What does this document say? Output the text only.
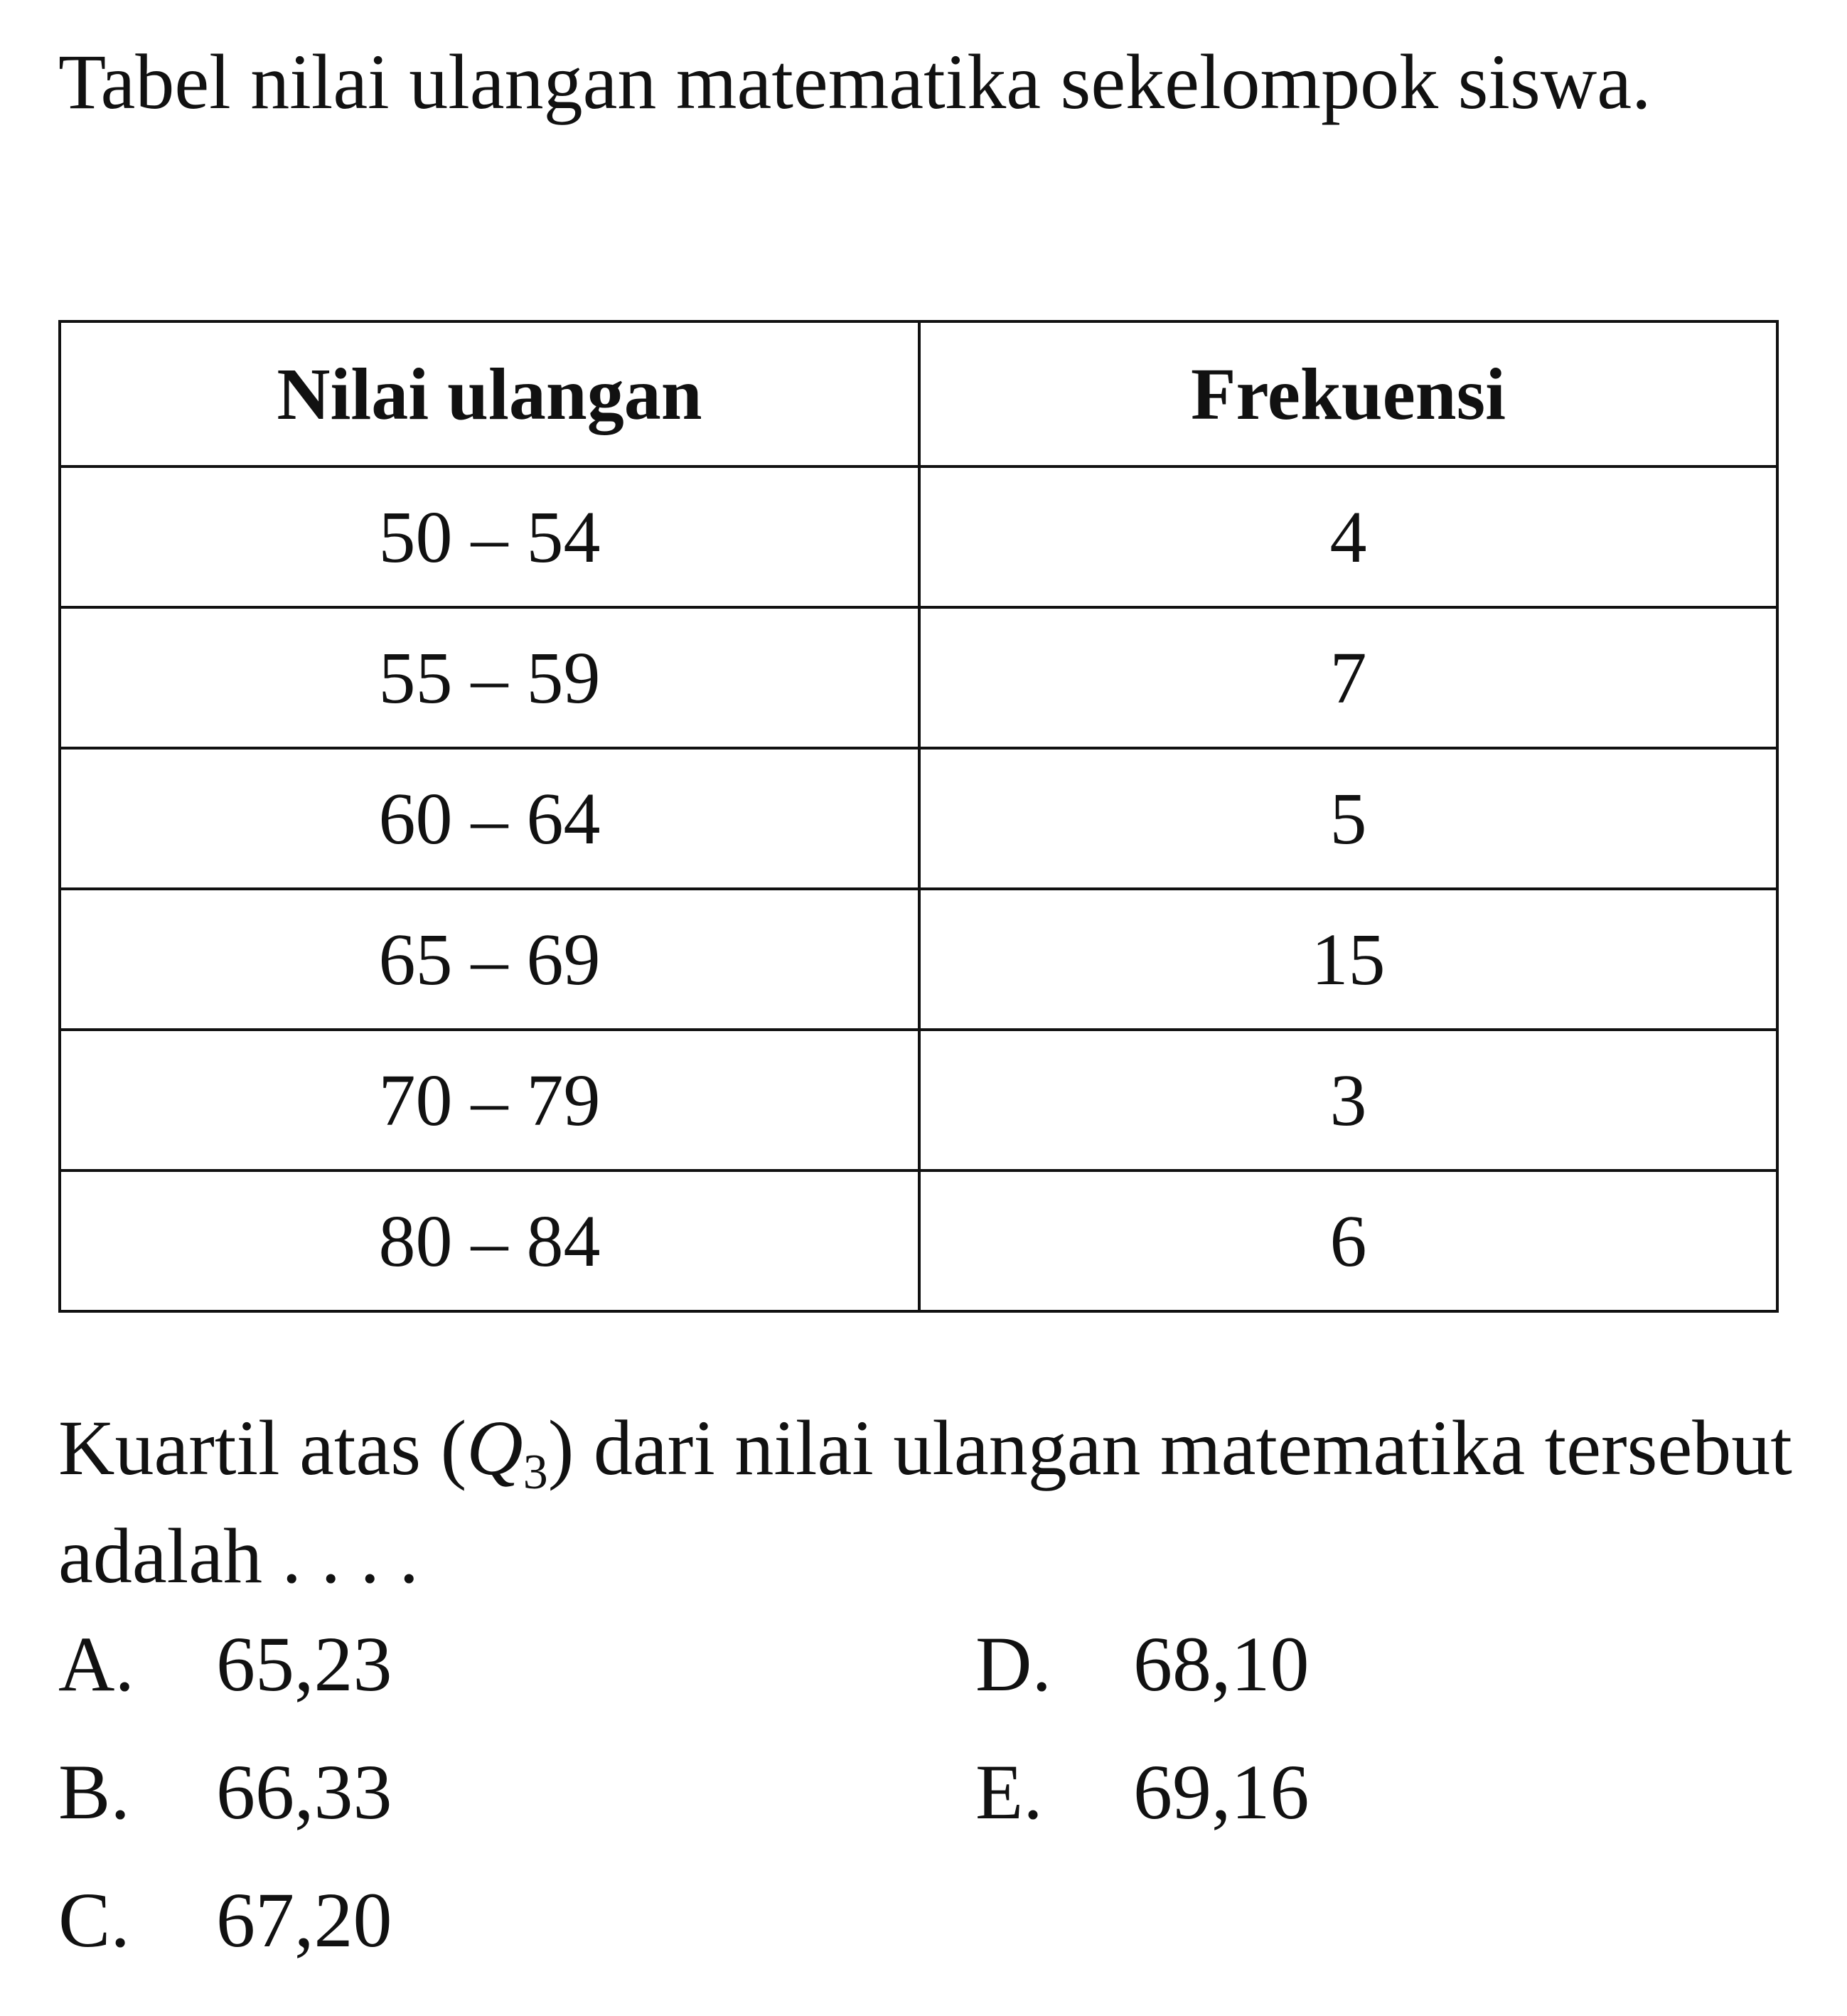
Tabel nilai ulangan matematika sekelompok siswa.

Nilai ulangan	Frekuensi
50 – 54	4
55 – 59	7
60 – 64	5
65 – 69	15
70 – 79	3
80 – 84	6

Kuartil atas $(Q_3)$ dari nilai ulangan matematika tersebut adalah . . . .

A. 65,23
B. 66,33
C. 67,20
D. 68,10
E. 69,16
